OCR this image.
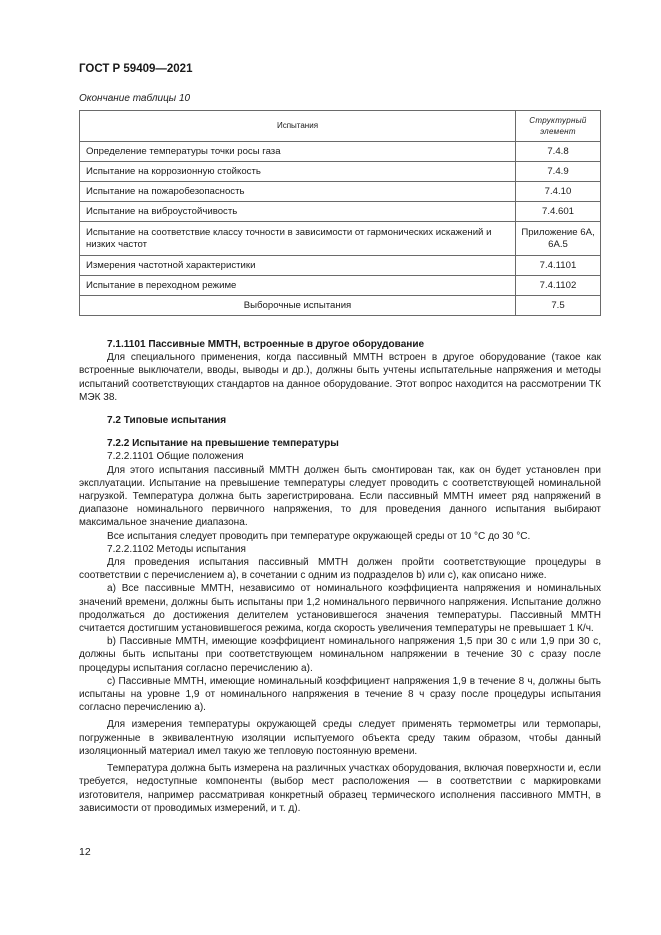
ГОСТ Р 59409—2021
Окончание таблицы 10
Испытания	Структурный
элемент
Определение температуры точки росы газа	7.4.8
Испытание на коррозионную стойкость	7.4.9
Испытание на пожаробезопасность	7.4.10
Испытание на виброустойчивость	7.4.601
Испытание на соответствие классу точности в зависимости от гармонических искажений и низких частот	Приложение 6А,
6А.5
Измерения частотной характеристики	7.4.1101
Испытание в переходном режиме	7.4.1102
Выборочные испытания	7.5

7.1.1101 Пассивные ММТН, встроенные в другое оборудование

Для специального применения, когда пассивный ММТН встроен в другое оборудование (такое как встроенные выключатели, вводы, выводы и др.), должны быть учтены испытательные напряжения и методы испытаний соответствующих стандартов на данное оборудование. Этот вопрос находится на рассмотрении ТК МЭК 38.

7.2 Типовые испытания

7.2.2 Испытание на превышение температуры

7.2.2.1101 Общие положения

Для этого испытания пассивный ММТН должен быть смонтирован так, как он будет установлен при эксплуатации. Испытание на превышение температуры следует проводить с соответствующей номинальной нагрузкой. Температура должна быть зарегистрирована. Если пассивный ММТН имеет ряд напряжений в диапазоне номинального первичного напряжения, то для проведения данного испытания выбирают максимальное значение диапазона.

Все испытания следует проводить при температуре окружающей среды от 10 °С до 30 °С.

7.2.2.1102 Методы испытания

Для проведения испытания пассивный ММТН должен пройти соответствующие процедуры в соответствии с перечислением а), в сочетании с одним из подразделов b) или c), как описано ниже.

а) Все пассивные ММТН, независимо от номинального коэффициента напряжения и номинальных значений времени, должны быть испытаны при 1,2 номинального первичного напряжения. Испытание должно продолжаться до достижения делителем установившегося значения температуры. Пассивный ММТН считается достигшим установившегося режима, когда скорость увеличения температуры не превышает 1 К/ч.

b) Пассивные ММТН, имеющие коэффициент номинального напряжения 1,5 при 30 с или 1,9 при 30 с, должны быть испытаны при соответствующем номинальном напряжении в течение 30 с сразу после процедуры испытания согласно перечислению а).

c) Пассивные ММТН, имеющие номинальный коэффициент напряжения 1,9 в течение 8 ч, должны быть испытаны на уровне 1,9 от номинального напряжения в течение 8 ч сразу после процедуры испытания согласно перечислению а).

Для измерения температуры окружающей среды следует применять термометры или термопары, погруженные в эквивалентную изоляции испытуемого объекта среду таким образом, чтобы данный изоляционный материал имел такую же тепловую постоянную времени.

Температура должна быть измерена на различных участках оборудования, включая поверхности и, если требуется, недоступные компоненты (выбор мест расположения — в соответствии с маркировками изготовителя, например рассматривая конкретный образец термического исполнения пассивного ММТН, в зависимости от проводимых измерений, и т. д).

12
